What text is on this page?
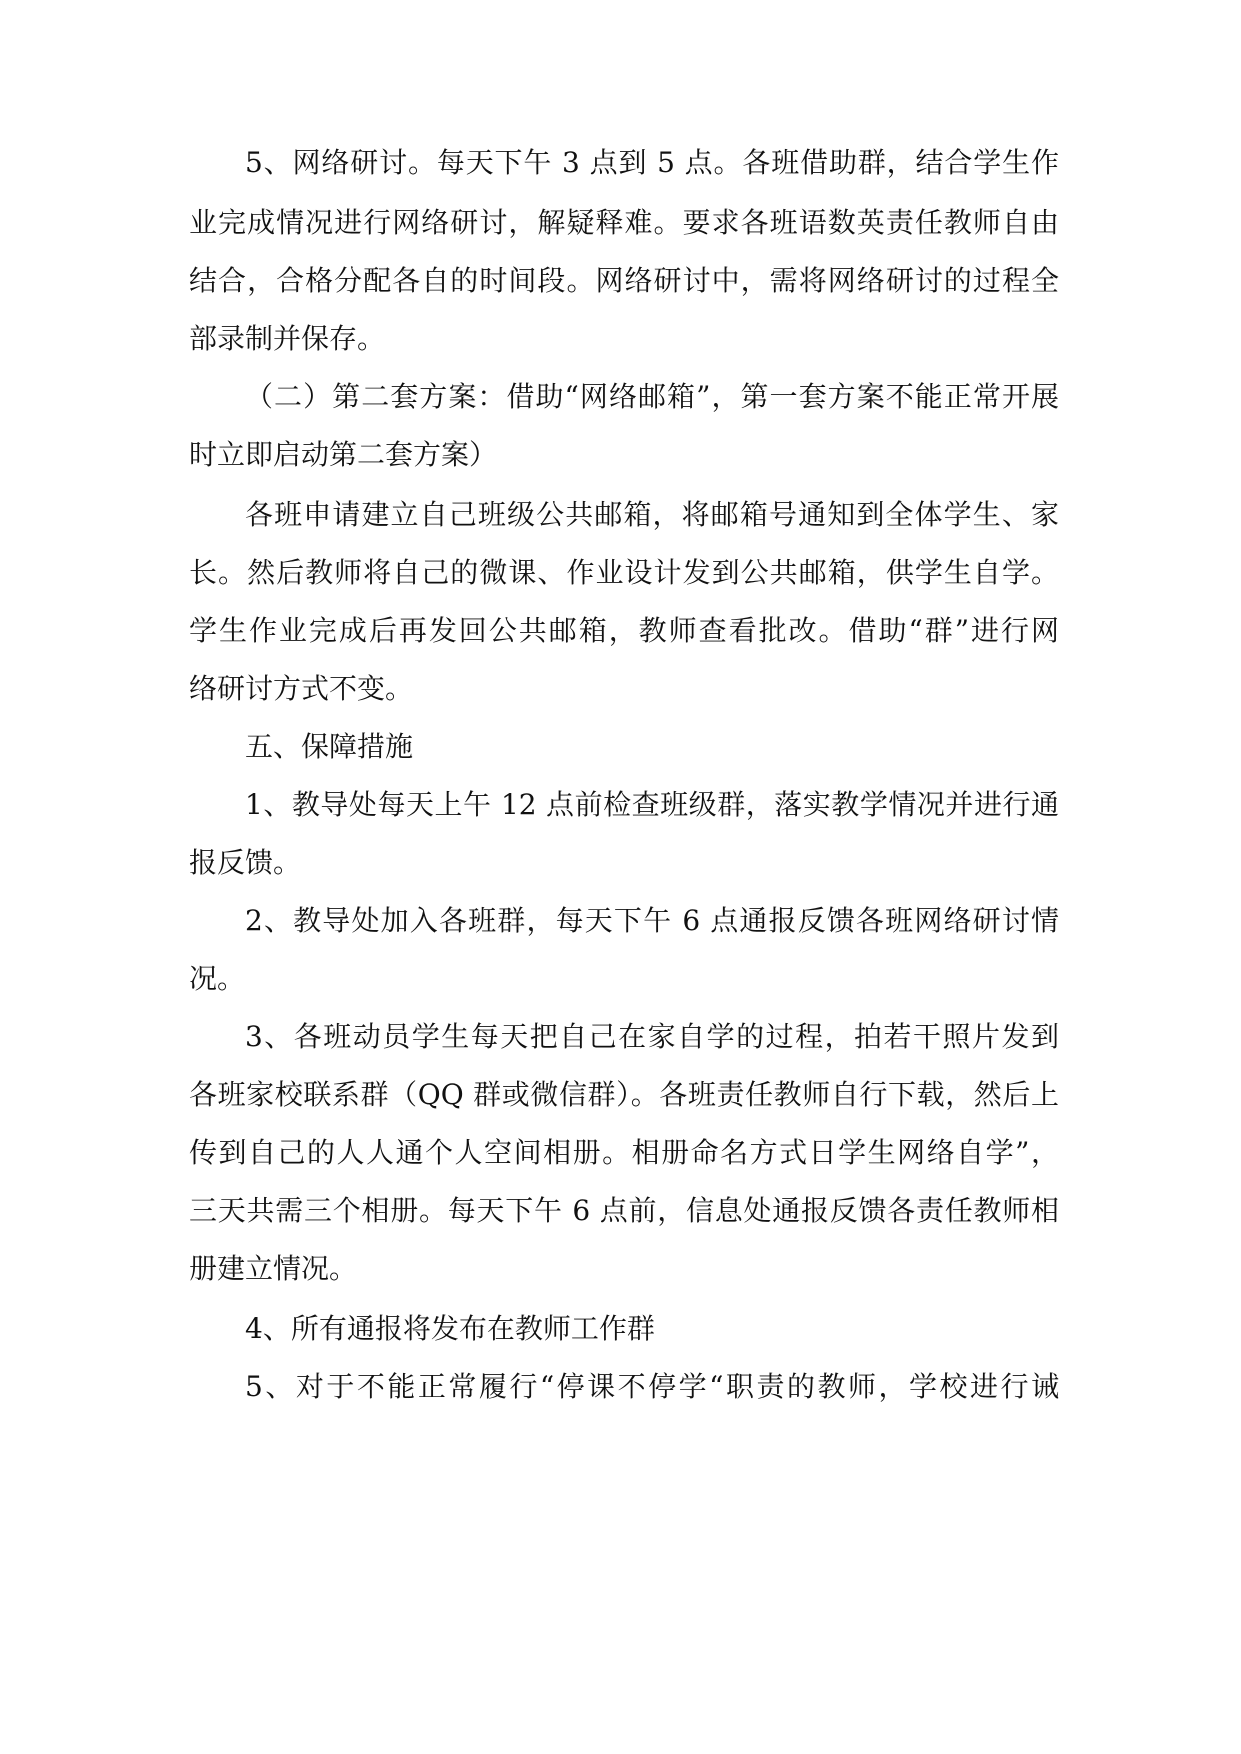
5、网络研讨。每天下午 3 点到 5 点。各班借助群，结合学生作
业完成情况进行网络研讨，解疑释难。要求各班语数英责任教师自由
结合，合格分配各自的时间段。网络研讨中，需将网络研讨的过程全
部录制并保存。
（二）第二套方案：借助“网络邮箱”，第一套方案不能正常开展
时立即启动第二套方案）
各班申请建立自己班级公共邮箱，将邮箱号通知到全体学生、家
长。然后教师将自己的微课、作业设计发到公共邮箱，供学生自学。
学生作业完成后再发回公共邮箱，教师查看批改。借助“群”进行网
络研讨方式不变。
五、保障措施
1、教导处每天上午 12 点前检查班级群，落实教学情况并进行通
报反馈。
2、教导处加入各班群，每天下午 6 点通报反馈各班网络研讨情
况。
3、各班动员学生每天把自己在家自学的过程，拍若干照片发到
各班家校联系群（QQ 群或微信群）。各班责任教师自行下载，然后上
传到自己的人人通个人空间相册。相册命名方式日学生网络自学”，
三天共需三个相册。每天下午 6 点前，信息处通报反馈各责任教师相
册建立情况。
4、所有通报将发布在教师工作群
5、对于不能正常履行“停课不停学“职责的教师，学校进行诫
